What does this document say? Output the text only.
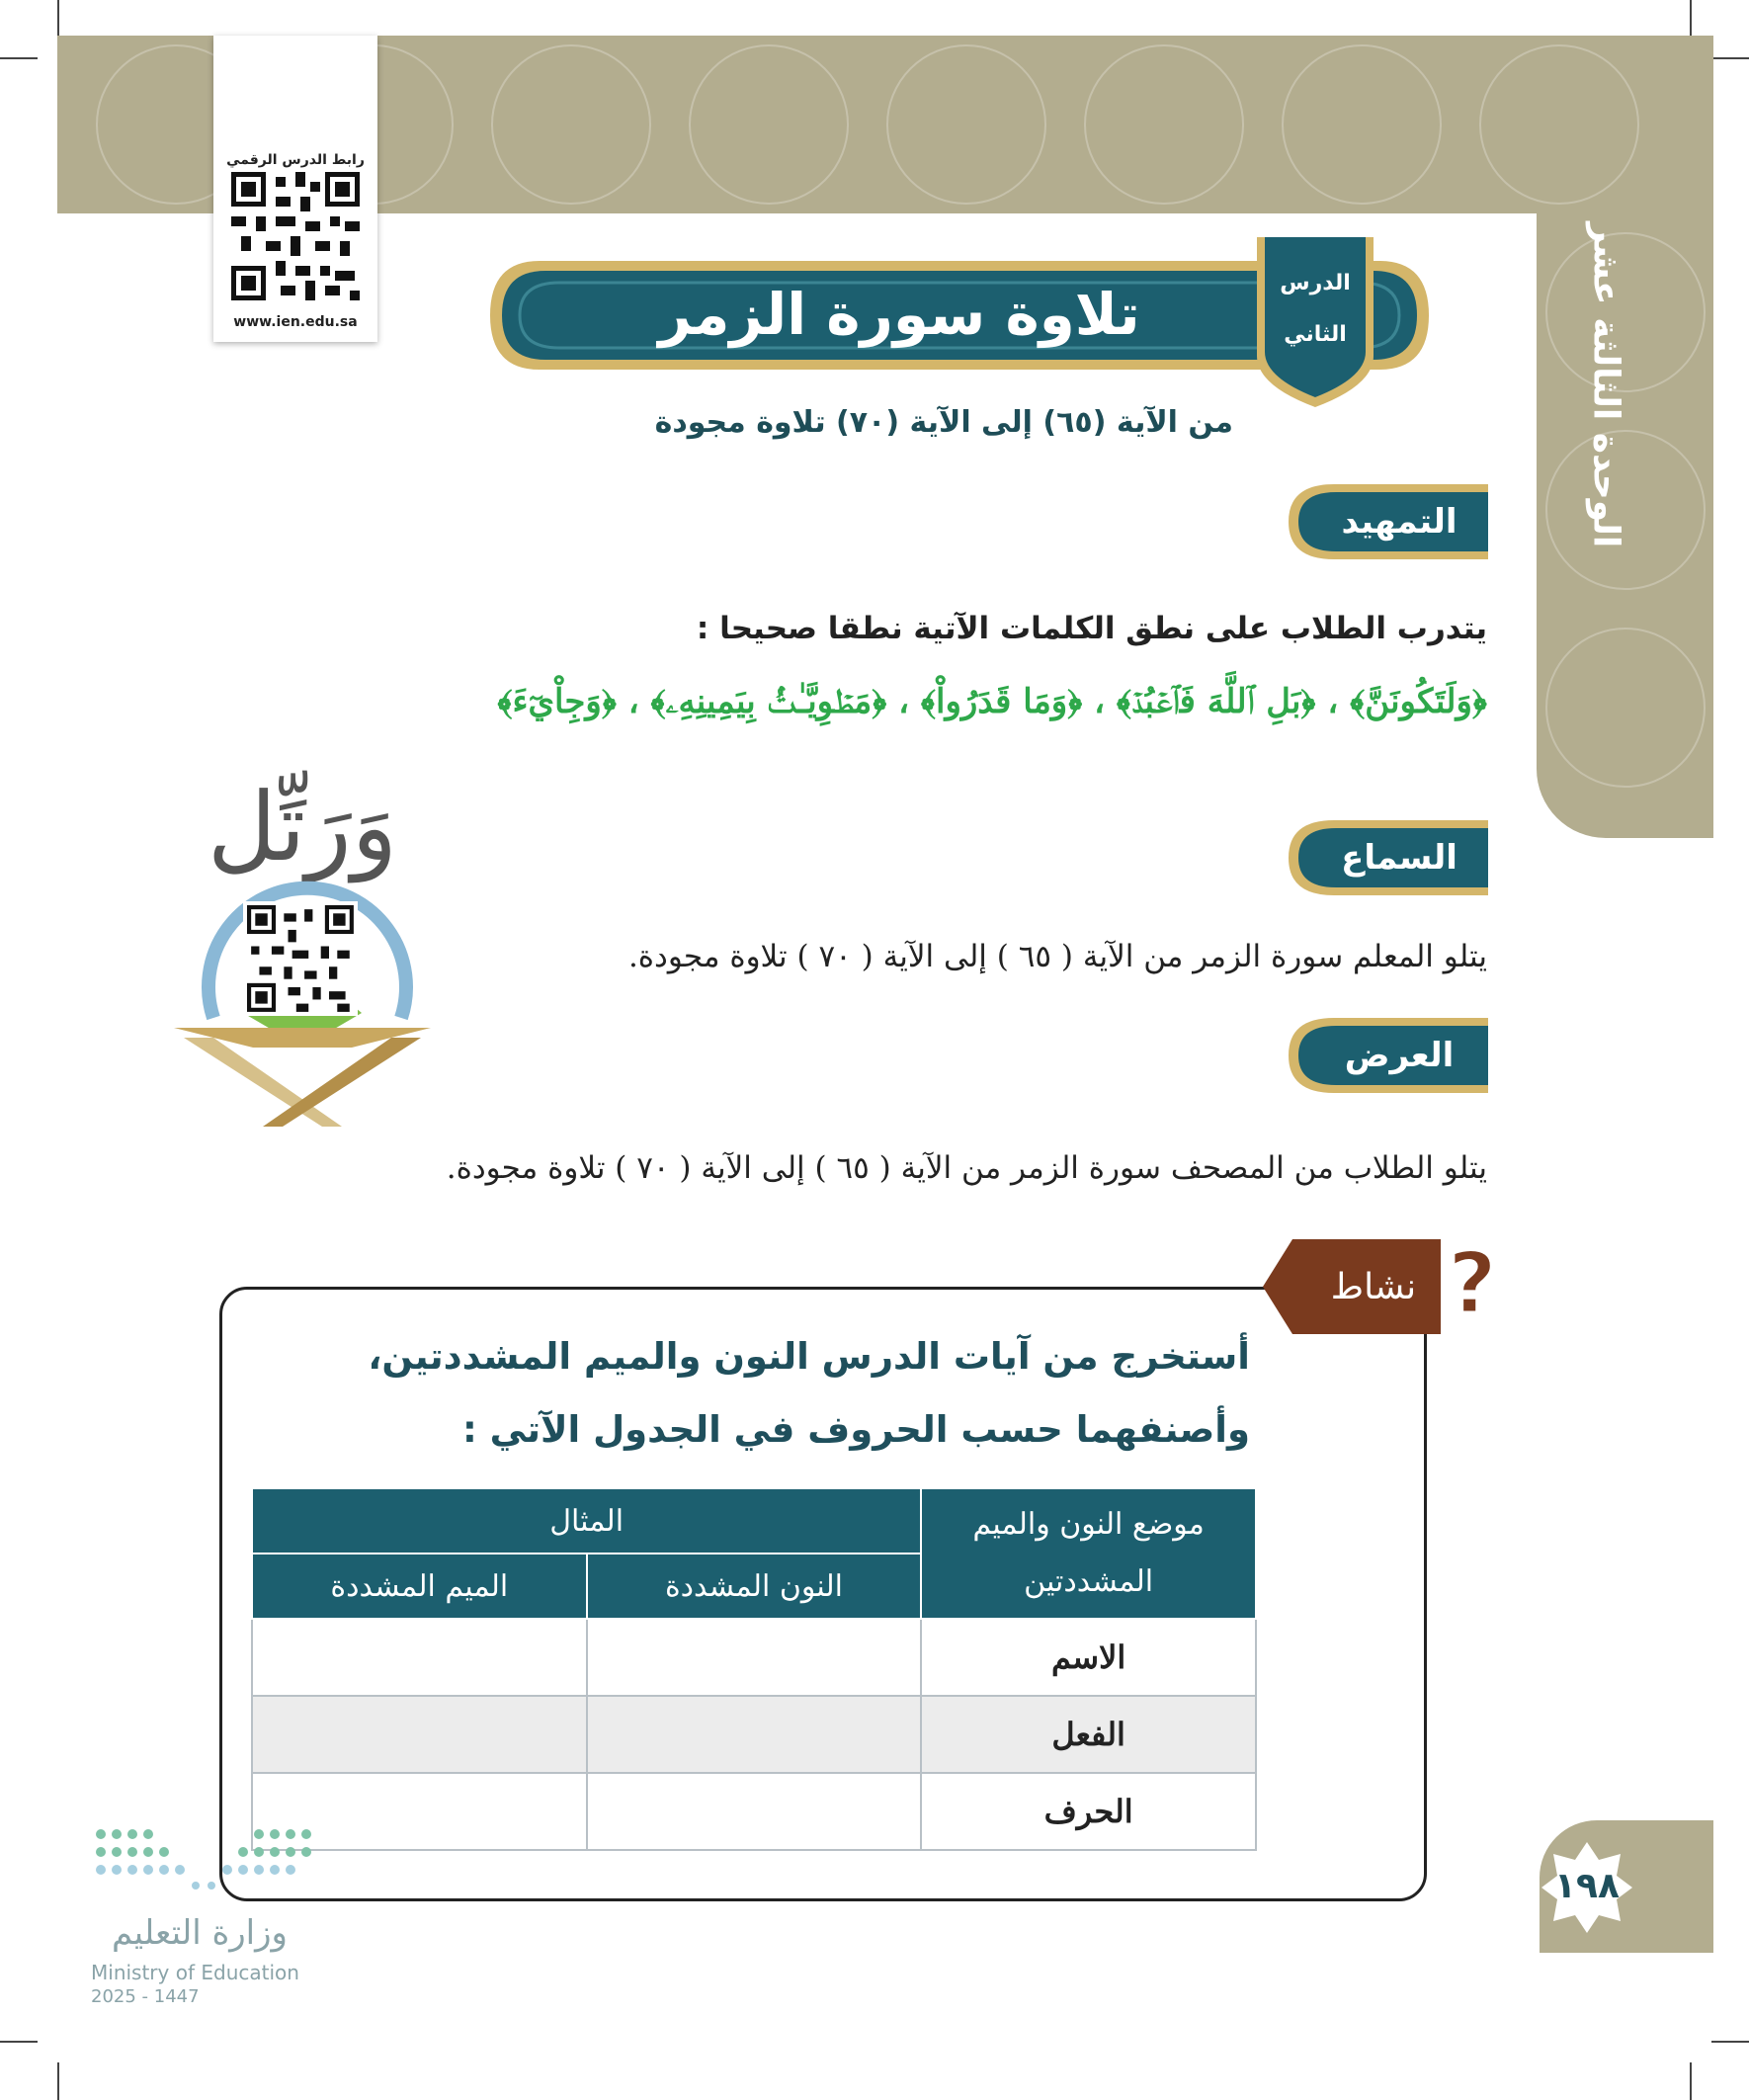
الوحدة الثالثة عشر
رابط الدرس الرقمي
www.ien.edu.sa	تلاوة سورة الزمر	الدرس
الثاني
من الآية (٦٥) إلى الآية (٧٠) تلاوة مجودة
التمهيد
يتدرب الطلاب على نطق الكلمات الآتية نطقا صحيحا :
﴿وَلَتَكُونَنَّ﴾ ، ﴿بَلِ ٱللَّهَ فَٱعۡبُدۡ﴾ ، ﴿وَمَا قَدَرُواْ﴾ ، ﴿مَطۡوِيَّـٰتُۢ بِيَمِينِهِۦ﴾ ، ﴿وَجِاْيٓءَ﴾
وَرَتِّل	السماع
يتلو المعلم سورة الزمر من الآية ( ٦٥ ) إلى الآية ( ٧٠ ) تلاوة مجودة.
العرض
يتلو الطلاب من المصحف سورة الزمر من الآية ( ٦٥ ) إلى الآية ( ٧٠ ) تلاوة مجودة.
?
نشاط
أستخرج من آيات الدرس النون والميم المشددتين، وأصنفهما حسب الحروف في الجدول الآتي :
موضع النون والميم المشددتين	المثال	
	النون المشددة	الميم المشددة
الاسم		
الفعل		
الحرف		
١٩٨
وزارة التعليم
Ministry of Education
2025 - 1447
